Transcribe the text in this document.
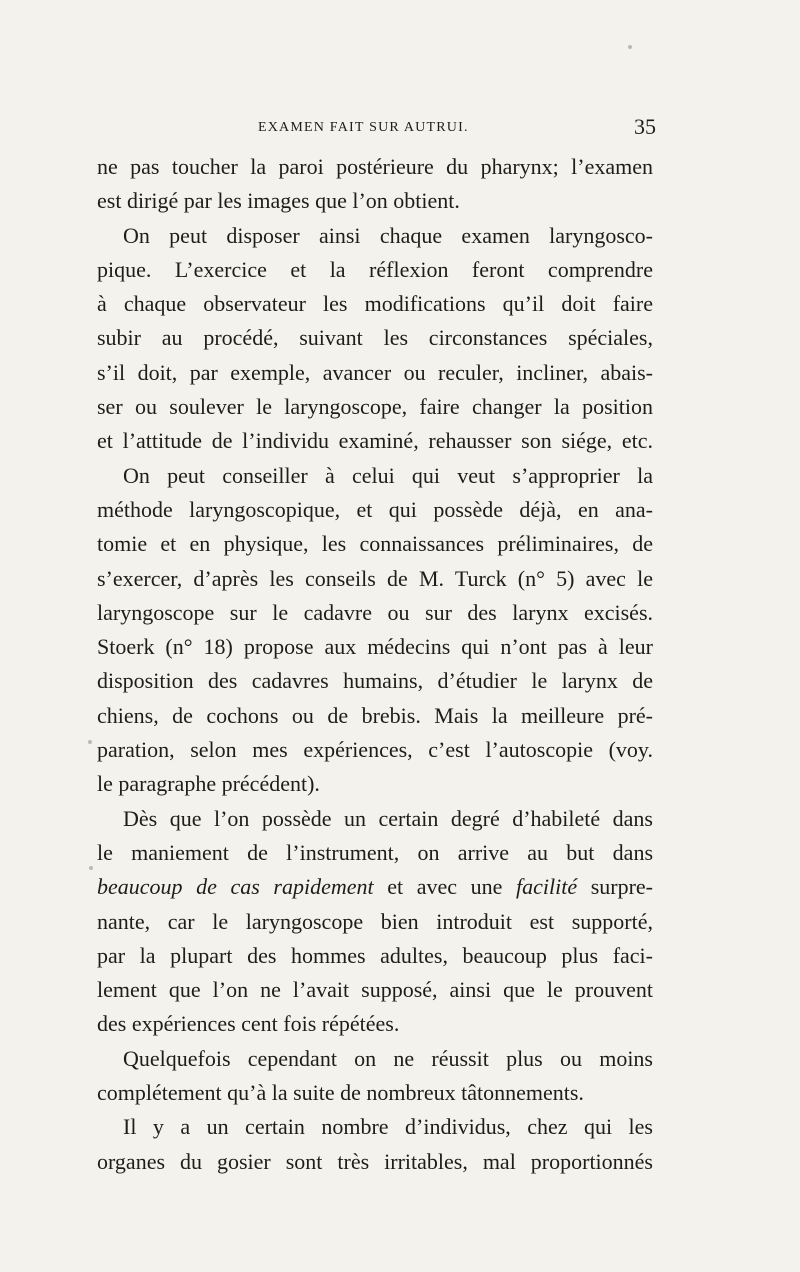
EXAMEN FAIT SUR AUTRUI.	35
ne pas toucher la paroi postérieure du pharynx; l’examen
est dirigé par les images que l’on obtient.
On peut disposer ainsi chaque examen laryngosco-
pique. L’exercice et la réflexion feront comprendre
à chaque observateur les modifications qu’il doit faire
subir au procédé, suivant les circonstances spéciales,
s’il doit, par exemple, avancer ou reculer, incliner, abais-
ser ou soulever le laryngoscope, faire changer la position
et l’attitude de l’individu examiné, rehausser son siége, etc.
On peut conseiller à celui qui veut s’approprier la
méthode laryngoscopique, et qui possède déjà, en ana-
tomie et en physique, les connaissances préliminaires, de
s’exercer, d’après les conseils de M. Turck (n° 5) avec le
laryngoscope sur le cadavre ou sur des larynx excisés.
Stoerk (n° 18) propose aux médecins qui n’ont pas à leur
disposition des cadavres humains, d’étudier le larynx de
chiens, de cochons ou de brebis. Mais la meilleure pré-
paration, selon mes expériences, c’est l’autoscopie (voy.
le paragraphe précédent).
Dès que l’on possède un certain degré d’habileté dans
le maniement de l’instrument, on arrive au but dans
beaucoup de cas rapidement et avec une facilité surpre-
nante, car le laryngoscope bien introduit est supporté,
par la plupart des hommes adultes, beaucoup plus faci-
lement que l’on ne l’avait supposé, ainsi que le prouvent
des expériences cent fois répétées.
Quelquefois cependant on ne réussit plus ou moins
complétement qu’à la suite de nombreux tâtonnements.
Il y a un certain nombre d’individus, chez qui les
organes du gosier sont très irritables, mal proportionnés
